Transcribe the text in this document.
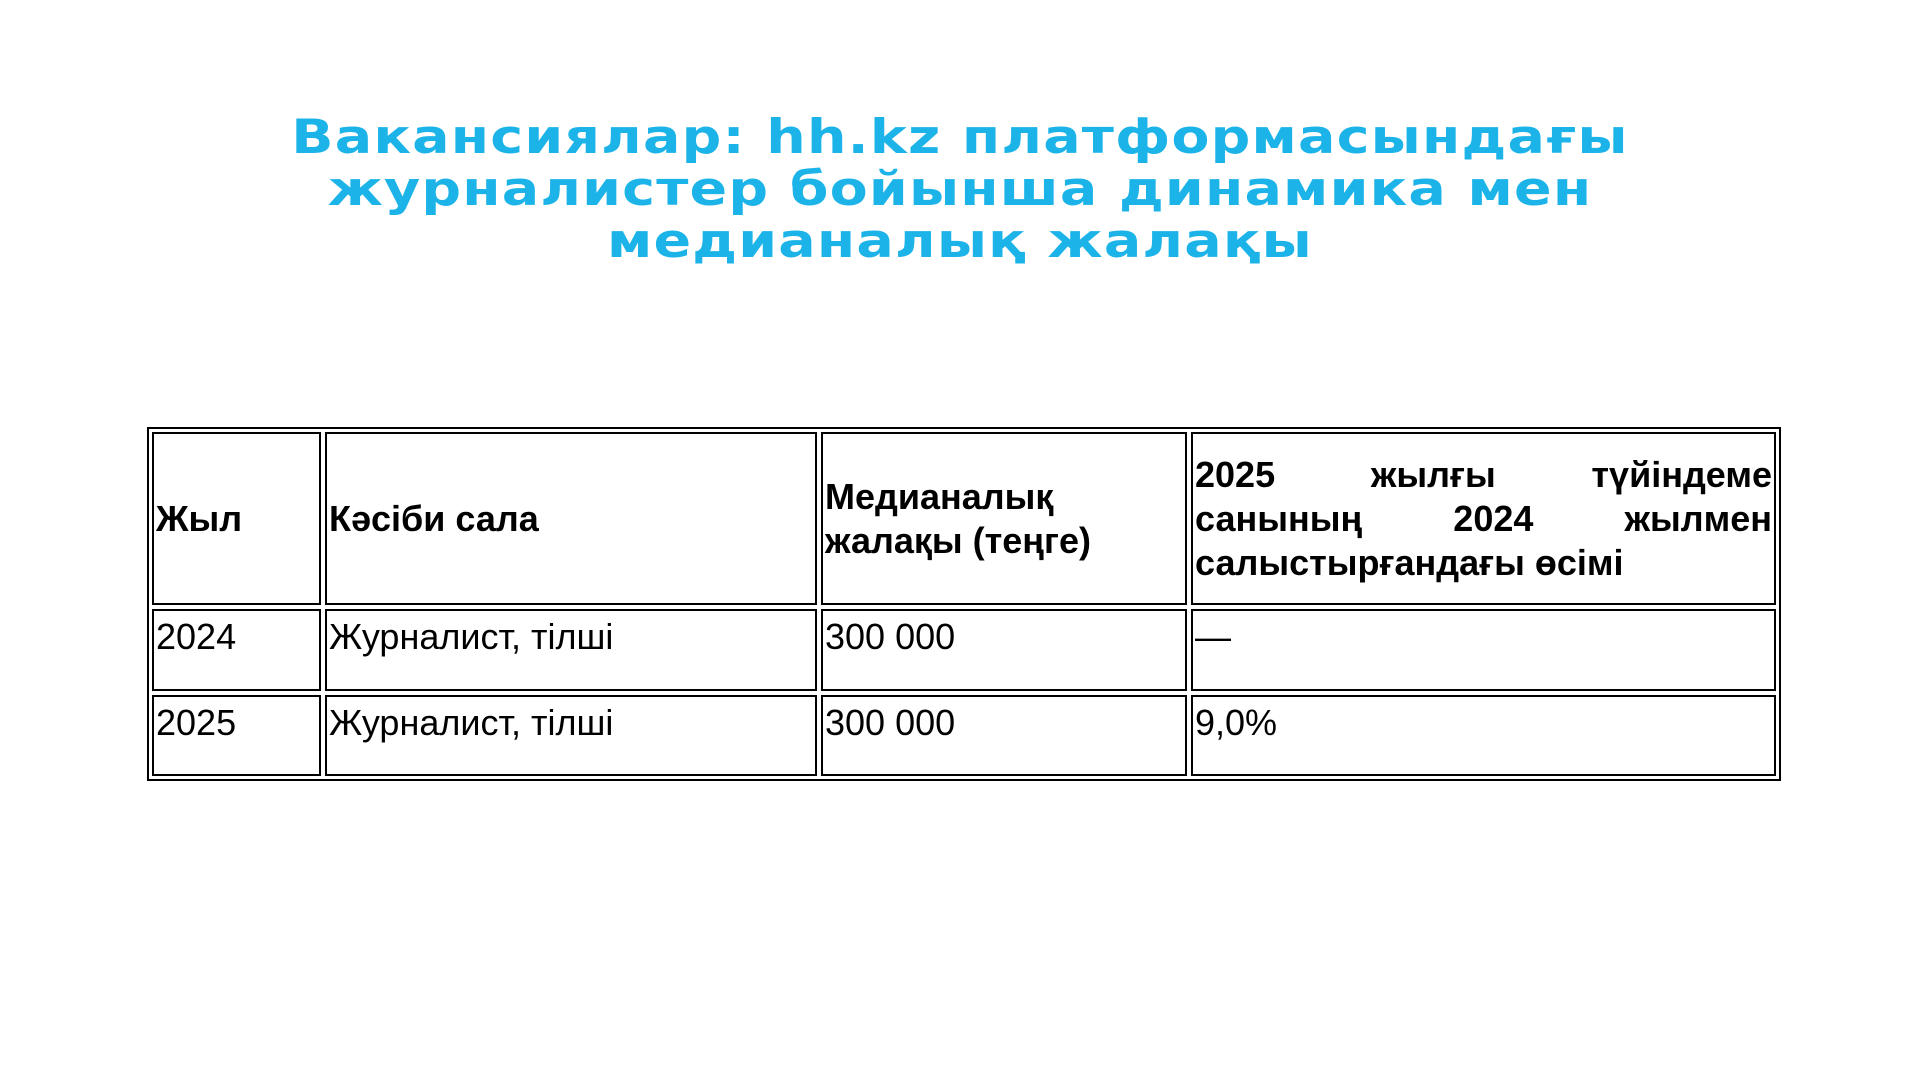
Вакансиялар: hh.kz платформасындағы
журналистер бойынша динамика мен
медианалық жалақы
Жыл	Кәсіби сала	Медианалық жалақы (теңге)	2025 жылғы түйіндеме санының 2024 жылмен салыстырғандағы өсімі
2024	Журналист, тілші	300 000	—
2025	Журналист, тілші	300 000	9,0%
